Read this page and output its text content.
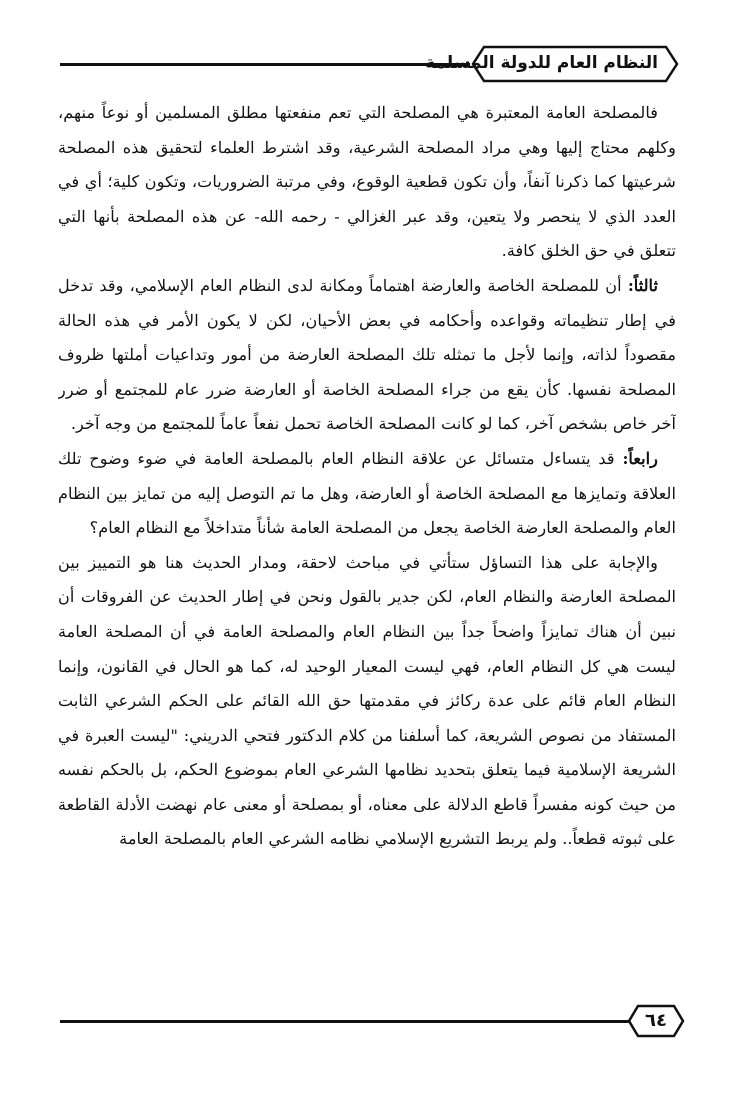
النظام العام للدولة المسلمة

فالمصلحة العامة المعتبرة هي المصلحة التي تعم منفعتها مطلق المسلمين أو نوعاً منهم، وكلهم محتاج إليها وهي مراد المصلحة الشرعية، وقد اشترط العلماء لتحقيق هذه المصلحة شرعيتها كما ذكرنا آنفاً، وأن تكون قطعية الوقوع، وفي مرتبة الضروريات، وتكون كلية؛ أي في العدد الذي لا ينحصر ولا يتعين، وقد عبر الغزالي - رحمه الله- عن هذه المصلحة بأنها التي تتعلق في حق الخلق كافة.

ثالثاً: أن للمصلحة الخاصة والعارضة اهتماماً ومكانة لدى النظام العام الإسلامي، وقد تدخل في إطار تنظيماته وقواعده وأحكامه في بعض الأحيان، لكن لا يكون الأمر في هذه الحالة مقصوداً لذاته، وإنما لأجل ما تمثله تلك المصلحة العارضة من أمور وتداعيات أملتها ظروف المصلحة نفسها. كأن يقع من جراء المصلحة الخاصة أو العارضة ضرر عام للمجتمع أو ضرر آخر خاص بشخص آخر، كما لو كانت المصلحة الخاصة تحمل نفعاً عاماً للمجتمع من وجه آخر.

رابعاً: قد يتساءل متسائل عن علاقة النظام العام بالمصلحة العامة في ضوء وضوح تلك العلاقة وتمايزها مع المصلحة الخاصة أو العارضة، وهل ما تم التوصل إليه من تمايز بين النظام العام والمصلحة العارضة الخاصة يجعل من المصلحة العامة شأناً متداخلاً مع النظام العام؟

والإجابة على هذا التساؤل ستأتي في مباحث لاحقة، ومدار الحديث هنا هو التمييز بين المصلحة العارضة والنظام العام، لكن جدير بالقول ونحن في إطار الحديث عن الفروقات أن نبين أن هناك تمايزاً واضحاً جداً بين النظام العام والمصلحة العامة في أن المصلحة العامة ليست هي كل النظام العام، فهي ليست المعيار الوحيد له، كما هو الحال في القانون، وإنما النظام العام قائم على عدة ركائز في مقدمتها حق الله القائم على الحكم الشرعي الثابت المستفاد من نصوص الشريعة، كما أسلفنا من كلام الدكتور فتحي الدريني: "ليست العبرة في الشريعة الإسلامية فيما يتعلق بتحديد نظامها الشرعي العام بموضوع الحكم، بل بالحكم نفسه من حيث كونه مفسراً قاطع الدلالة على معناه، أو بمصلحة أو معنى عام نهضت الأدلة القاطعة على ثبوته قطعاً.. ولم يربط التشريع الإسلامي نظامه الشرعي العام بالمصلحة العامة

٦٤
